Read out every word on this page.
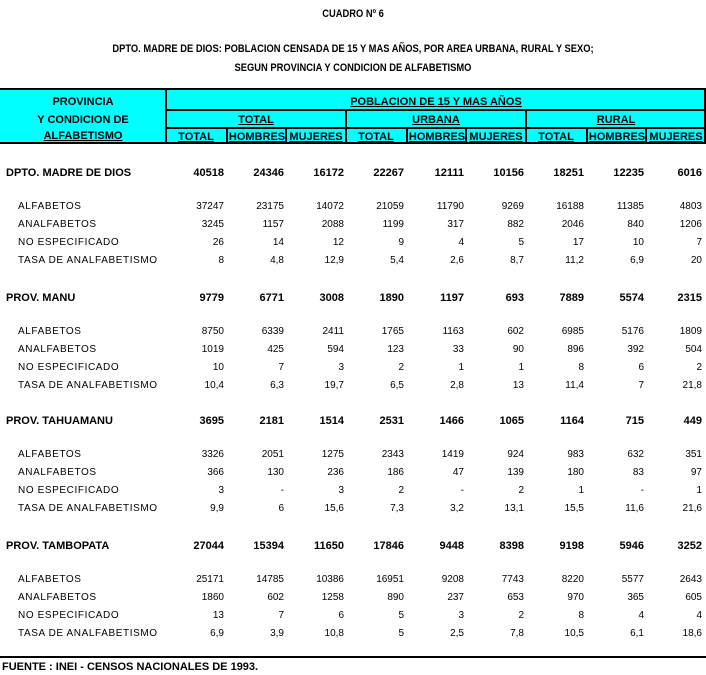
CUADRO Nº 6
DPTO. MADRE DE DIOS: POBLACION CENSADA DE 15 Y MAS AÑOS, POR AREA URBANA, RURAL Y SEXO;
SEGUN PROVINCIA Y CONDICION DE ALFABETISMO
PROVINCIA
Y CONDICION DE
ALFABETISMO
POBLACION DE 15 Y MAS AÑOS
TOTAL	URBANA	RURAL
TOTAL	HOMBRES MUJERES	TOTAL	HOMBRES MUJERES	TOTAL	HOMBRES MUJERES
DPTO. MADRE DE DIOS	40518	24346	16172	22267	12111	10156	18251	12235	6016
ALFABETOS	37247	23175	14072	21059	11790	9269	16188	11385	4803
ANALFABETOS	3245	1157	2088	1199	317	882	2046	840	1206
NO ESPECIFICADO	26	14	12	9	4	5	17	10	7
TASA DE ANALFABETISMO	8	4,8	12,9	5,4	2,6	8,7	11,2	6,9	20
PROV. MANU	9779	6771	3008	1890	1197	693	7889	5574	2315
ALFABETOS	8750	6339	2411	1765	1163	602	6985	5176	1809
ANALFABETOS	1019	425	594	123	33	90	896	392	504
NO ESPECIFICADO	10	7	3	2	1	1	8	6	2
TASA DE ANALFABETISMO	10,4	6,3	19,7	6,5	2,8	13	11,4	7	21,8
PROV. TAHUAMANU	3695	2181	1514	2531	1466	1065	1164	715	449
ALFABETOS	3326	2051	1275	2343	1419	924	983	632	351
ANALFABETOS	366	130	236	186	47	139	180	83	97
NO ESPECIFICADO	3	-	3	2	-	2	1	-	1
TASA DE ANALFABETISMO	9,9	6	15,6	7,3	3,2	13,1	15,5	11,6	21,6
PROV. TAMBOPATA	27044	15394	11650	17846	9448	8398	9198	5946	3252
ALFABETOS	25171	14785	10386	16951	9208	7743	8220	5577	2643
ANALFABETOS	1860	602	1258	890	237	653	970	365	605
NO ESPECIFICADO	13	7	6	5	3	2	8	4	4
TASA DE ANALFABETISMO	6,9	3,9	10,8	5	2,5	7,8	10,5	6,1	18,6
FUENTE : INEI - CENSOS NACIONALES DE 1993.
